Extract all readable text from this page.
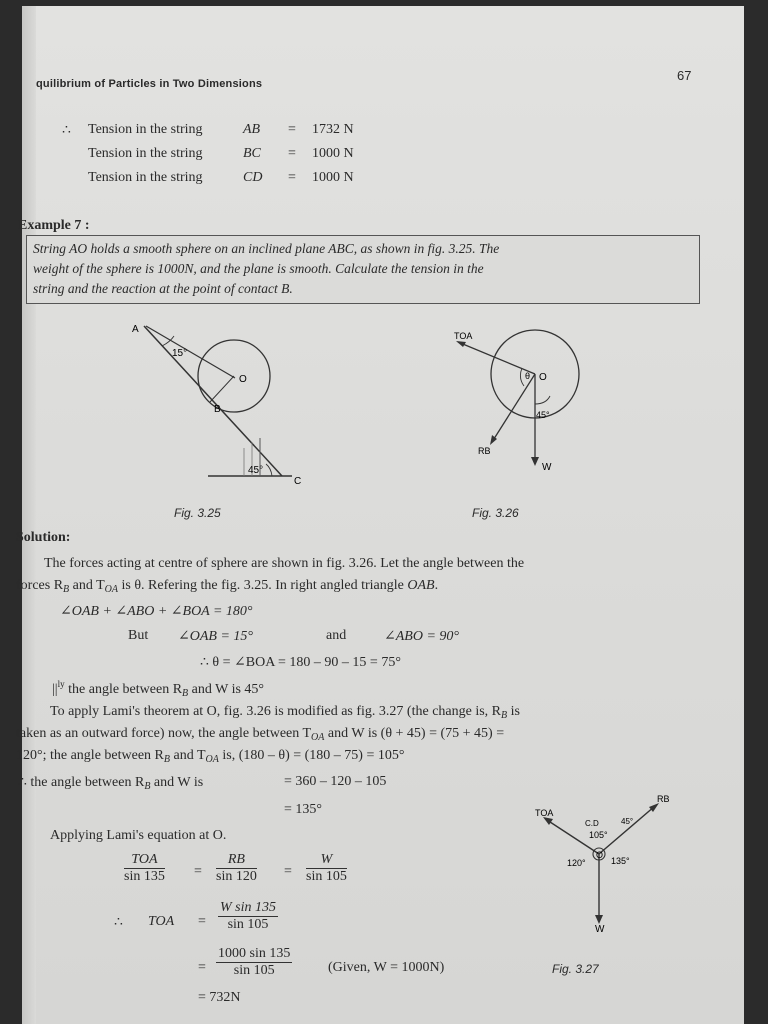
quilibrium of Particles in Two Dimensions
67
∴ Tension in the string	AB = 1732 N
Tension in the string	BC = 1000 N
Tension in the string	CD = 1000 N
Example 7 :
String AO holds a smooth sphere on an inclined plane ABC, as shown in fig. 3.25. The
weight of the sphere is 1000N, and the plane is smooth. Calculate the tension in the
string and the reaction at the point of contact B.
A
B
C
O
15°
45°
Fig. 3.25
TOA
O
RB
W
θ
45°
Fig. 3.26
RB
TOA
W
O
105°
120°	135°
C.D	45°
Fig. 3.27
Solution:
The forces acting at centre of sphere are shown in fig. 3.26. Let the angle between the
forces $R_B$ and $T_{OA}$ is θ. Refering the fig. 3.25. In right angled triangle OAB.
∠OAB + ∠ABO + ∠BOA = 180°
But ∠OAB = 15°	and	∠ABO = 90°
∴ θ = ∠BOA = 180 – 90 – 15 = 75°
$||^{ly}$ the angle between $R_B$ and W is 45°
To apply Lami's theorem at O, fig. 3.26 is modified as fig. 3.27 (the change is, $R_B$ is
taken as an outward force) now, the angle between $T_{OA}$ and W is (θ + 45) = (75 + 45) =
120°; the angle between $R_B$ and $T_{OA}$ is, (180 – θ) = (180 – 75) = 105°
∴ the angle between $R_B$ and W is	= 360 – 120 – 105
= 135°
Applying Lami's equation at O.
TOA
$\sin 135 = \frac{RB}{\sin 120} = \frac{W}{\sin 105}$
∴ TOA = $\frac{\text{W sin 135}}{\sin 105}$
= $\frac{1000 \sin 135}{\sin 105}$	(Given, W = 1000N)
= 732N
